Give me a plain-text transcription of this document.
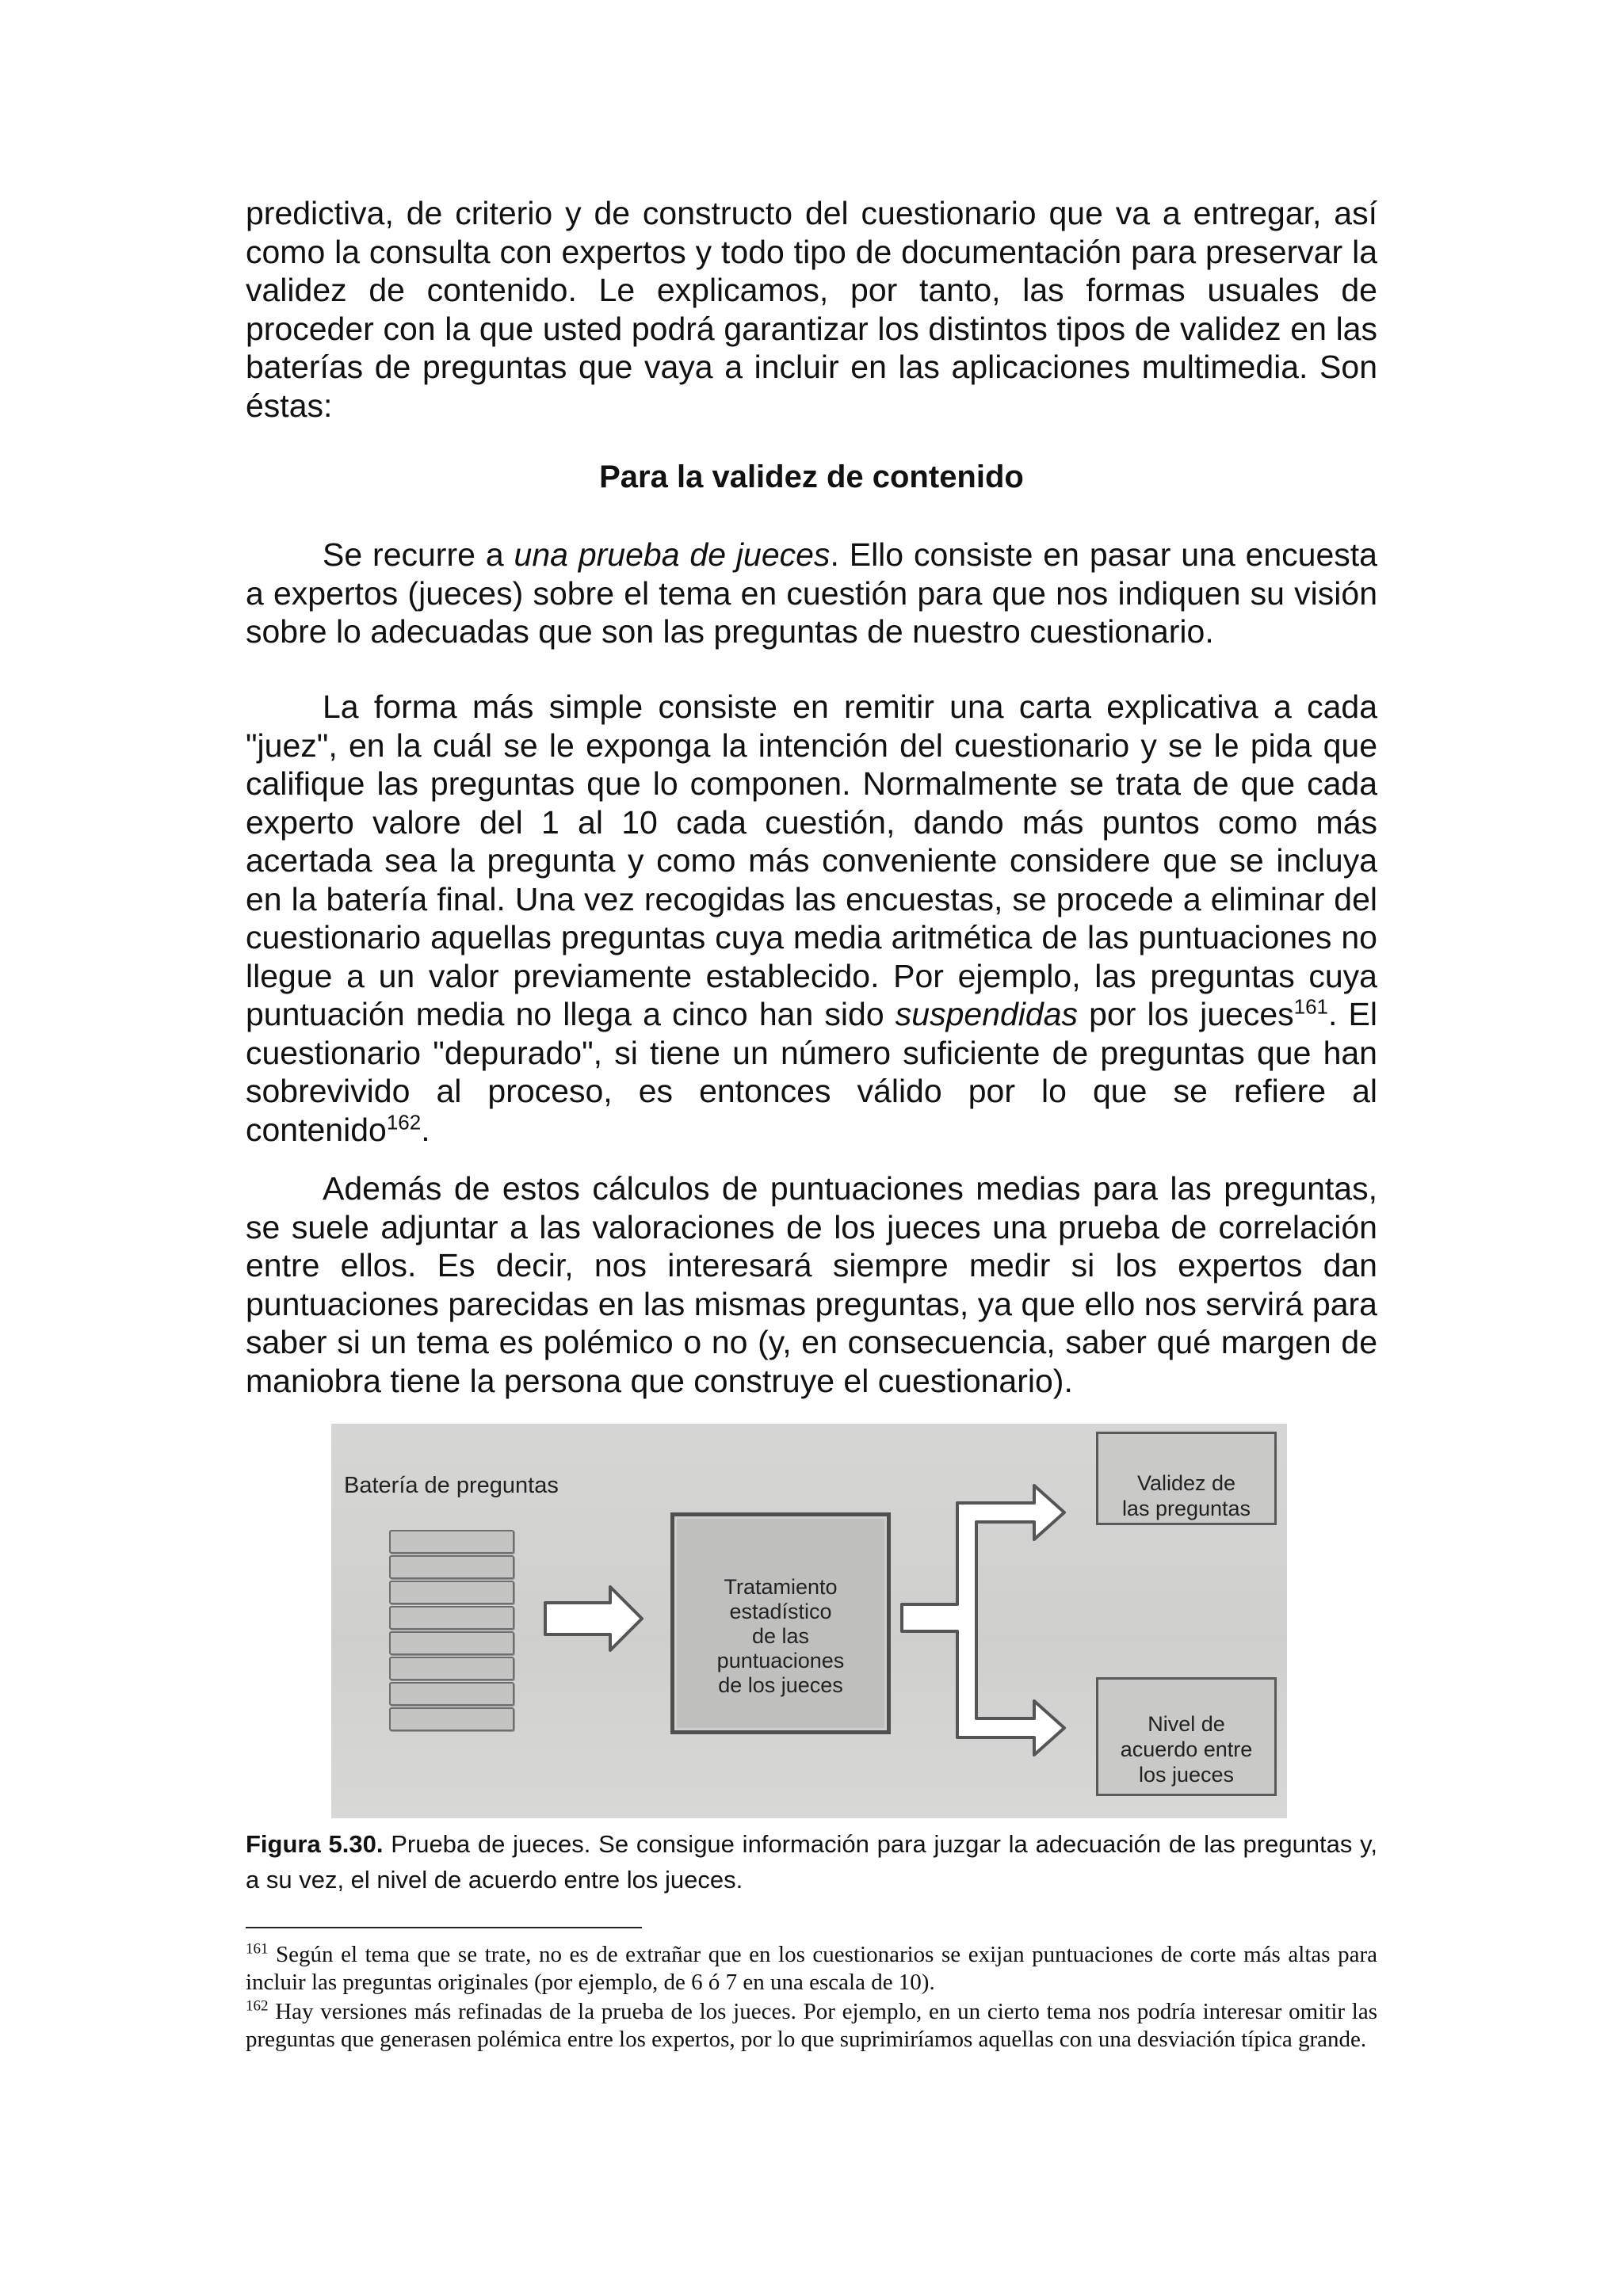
predictiva, de criterio y de constructo del cuestionario que va a entregar, así como la consulta con expertos y todo tipo de documentación para preservar la validez de contenido. Le explicamos, por tanto, las formas usuales de proceder con la que usted podrá garantizar los distintos tipos de validez en las baterías de preguntas que vaya a incluir en las aplicaciones multimedia. Son éstas:

Para la validez de contenido

Se recurre a una prueba de jueces. Ello consiste en pasar una encuesta a expertos (jueces) sobre el tema en cuestión para que nos indiquen su visión sobre lo adecuadas que son las preguntas de nuestro cuestionario.

La forma más simple consiste en remitir una carta explicativa a cada "juez", en la cuál se le exponga la intención del cuestionario y se le pida que califique las preguntas que lo componen. Normalmente se trata de que cada experto valore del 1 al 10 cada cuestión, dando más puntos como más acertada sea la pregunta y como más conveniente considere que se incluya en la batería final. Una vez recogidas las encuestas, se procede a eliminar del cuestionario aquellas preguntas cuya media aritmética de las puntuaciones no llegue a un valor previamente establecido. Por ejemplo, las preguntas cuya puntuación media no llega a cinco han sido suspendidas por los jueces$^{161}$. El cuestionario "depurado", si tiene un número suficiente de preguntas que han sobrevivido al proceso, es entonces válido por lo que se refiere al contenido$^{162}$.

Además de estos cálculos de puntuaciones medias para las preguntas, se suele adjuntar a las valoraciones de los jueces una prueba de correlación entre ellos. Es decir, nos interesará siempre medir si los expertos dan puntuaciones parecidas en las mismas preguntas, ya que ello nos servirá para saber si un tema es polémico o no (y, en consecuencia, saber qué margen de maniobra tiene la persona que construye el cuestionario).

Batería de preguntas
Tratamiento
estadístico
de las
puntuaciones
de los jueces
Validez de
las preguntas
Nivel de
acuerdo entre
los jueces

Figura 5.30. Prueba de jueces. Se consigue información para juzgar la adecuación de las preguntas y, a su vez, el nivel de acuerdo entre los jueces.

$^{161}$ Según el tema que se trate, no es de extrañar que en los cuestionarios se exijan puntuaciones de corte más altas para incluir las preguntas originales (por ejemplo, de 6 ó 7 en una escala de 10).

$^{162}$ Hay versiones más refinadas de la prueba de los jueces. Por ejemplo, en un cierto tema nos podría interesar omitir las preguntas que generasen polémica entre los expertos, por lo que suprimiríamos aquellas con una desviación típica grande.
